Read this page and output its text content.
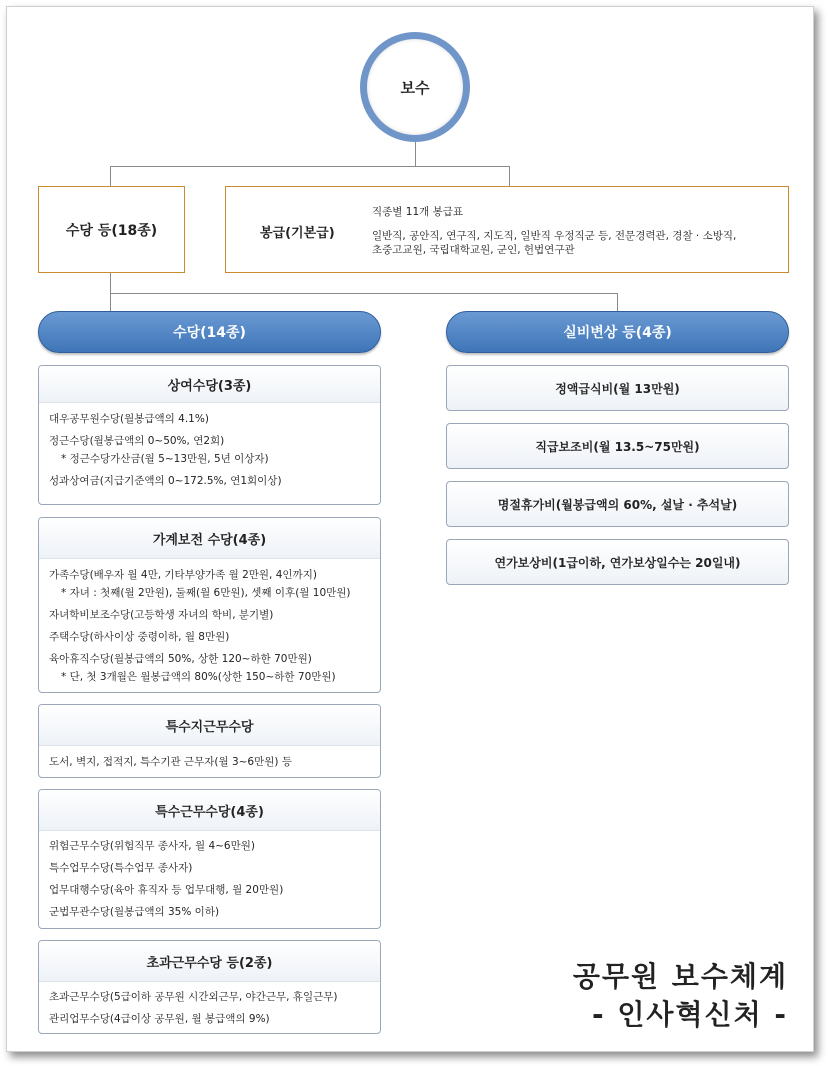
보수
수당 등(18종)	봉급(기본급)
직종별 11개 봉급표
일반직, 공안직, 연구직, 지도직, 일반직 우정직군 등, 전문경력관, 경찰 · 소방직,
초중고교원, 국립대학교원, 군인, 헌법연구관
수당(14종)	실비변상 등(4종)
상여수당(3종)
대우공무원수당(월봉급액의 4.1%)
정근수당(월봉급액의 0~50%, 연2회)
* 정근수당가산금(월 5~13만원, 5년 이상자)
성과상여금(지급기준액의 0~172.5%, 연1회이상)
가계보전 수당(4종)
가족수당(배우자 월 4만, 기타부양가족 월 2만원, 4인까지)
* 자녀 : 첫째(월 2만원), 둘째(월 6만원), 셋째 이후(월 10만원)
자녀학비보조수당(고등학생 자녀의 학비, 분기별)
주택수당(하사이상 중령이하, 월 8만원)
육아휴직수당(월봉급액의 50%, 상한 120~하한 70만원)
* 단, 첫 3개월은 월봉급액의 80%(상한 150~하한 70만원)
특수지근무수당
도서, 벽지, 접적지, 특수기관 근무자(월 3~6만원) 등
특수근무수당(4종)
위험근무수당(위험직무 종사자, 월 4~6만원)
특수업무수당(특수업무 종사자)
업무대행수당(육아 휴직자 등 업무대행, 월 20만원)
군법무관수당(월봉급액의 35% 이하)
초과근무수당 등(2종)
초과근무수당(5급이하 공무원 시간외근무, 야간근무, 휴일근무)
관리업무수당(4급이상 공무원, 월 봉급액의 9%)
정액급식비(월 13만원)
직급보조비(월 13.5~75만원)
명절휴가비(월봉급액의 60%, 설날 · 추석날)
연가보상비(1급이하, 연가보상일수는 20일내)
공무원 보수체계
- 인사혁신처 -
